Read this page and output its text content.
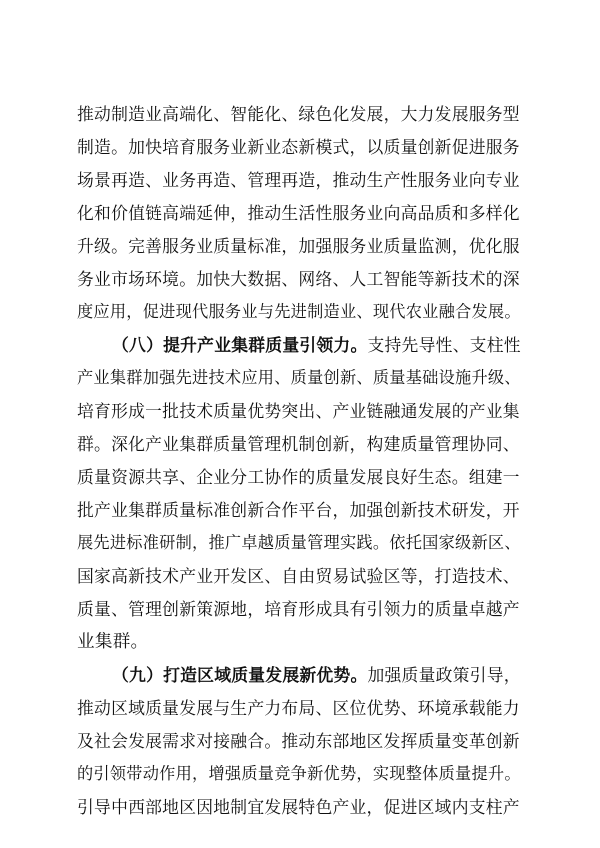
推动制造业高端化、智能化、绿色化发展，大力发展服务型
制造。加快培育服务业新业态新模式，以质量创新促进服务
场景再造、业务再造、管理再造，推动生产性服务业向专业
化和价值链高端延伸，推动生活性服务业向高品质和多样化
升级。完善服务业质量标准，加强服务业质量监测，优化服
务业市场环境。加快大数据、网络、人工智能等新技术的深
度应用，促进现代服务业与先进制造业、现代农业融合发展。
（八）提升产业集群质量引领力。支持先导性、支柱性
产业集群加强先进技术应用、质量创新、质量基础设施升级、
培育形成一批技术质量优势突出、产业链融通发展的产业集
群。深化产业集群质量管理机制创新，构建质量管理协同、
质量资源共享、企业分工协作的质量发展良好生态。组建一
批产业集群质量标准创新合作平台，加强创新技术研发，开
展先进标准研制，推广卓越质量管理实践。依托国家级新区、
国家高新技术产业开发区、自由贸易试验区等，打造技术、
质量、管理创新策源地，培育形成具有引领力的质量卓越产
业集群。
（九）打造区域质量发展新优势。加强质量政策引导，
推动区域质量发展与生产力布局、区位优势、环境承载能力
及社会发展需求对接融合。推动东部地区发挥质量变革创新
的引领带动作用，增强质量竞争新优势，实现整体质量提升。
引导中西部地区因地制宜发展特色产业，促进区域内支柱产
